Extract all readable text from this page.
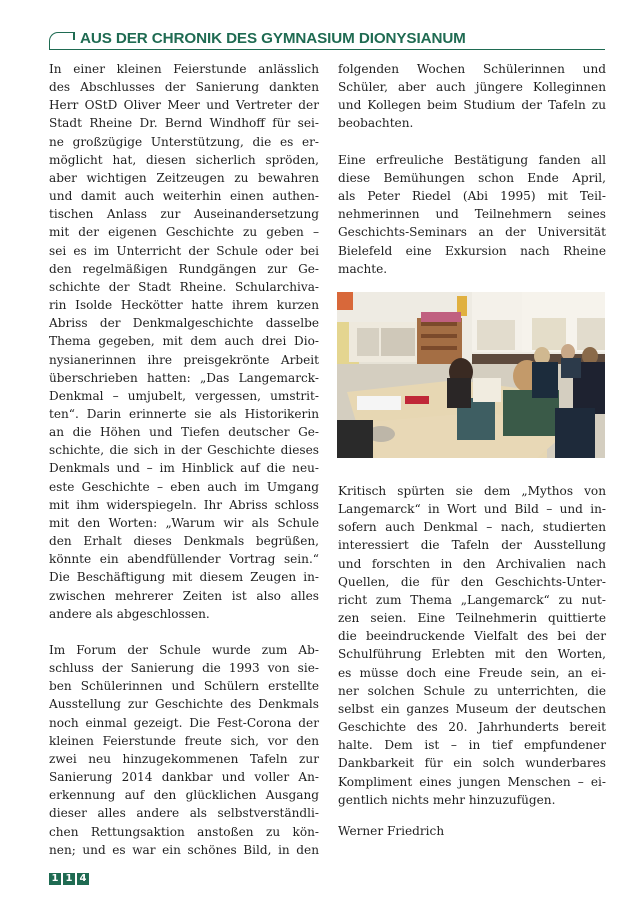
AUS DER CHRONIK DES GYMNASIUM DIONYSIANUM

In einer kleinen Feierstunde anlässlich
des Abschlusses der Sanierung dankten
Herr OStD Oliver Meer und Vertreter der
Stadt Rheine Dr. Bernd Windhoff für sei-
ne großzügige Unterstützung, die es er-
möglicht hat, diesen sicherlich spröden,
aber wichtigen Zeitzeugen zu bewahren
und damit auch weiterhin einen authen-
tischen Anlass zur Auseinandersetzung
mit der eigenen Geschichte zu geben –
sei es im Unterricht der Schule oder bei
den regelmäßigen Rundgängen zur Ge-
schichte der Stadt Rheine. Schularchiva-
rin Isolde Heckötter hatte ihrem kurzen
Abriss der Denkmalgeschichte dasselbe
Thema gegeben, mit dem auch drei Dio-
nysianerinnen ihre preisgekrönte Arbeit
überschrieben hatten: „Das Langemarck-
Denkmal – umjubelt, vergessen, umstrit-
ten“. Darin erinnerte sie als Historikerin
an die Höhen und Tiefen deutscher Ge-
schichte, die sich in der Geschichte dieses
Denkmals und – im Hinblick auf die neu-
este Geschichte – eben auch im Umgang
mit ihm widerspiegeln. Ihr Abriss schloss
mit den Worten: „Warum wir als Schule
den Erhalt dieses Denkmals begrüßen,
könnte ein abendfüllender Vortrag sein.“
Die Beschäftigung mit diesem Zeugen in-
zwischen mehrerer Zeiten ist also alles
andere als abgeschlossen.

Im Forum der Schule wurde zum Ab-
schluss der Sanierung die 1993 von sie-
ben Schülerinnen und Schülern erstellte
Ausstellung zur Geschichte des Denkmals
noch einmal gezeigt. Die Fest-Corona der
kleinen Feierstunde freute sich, vor den
zwei neu hinzugekommenen Tafeln zur
Sanierung 2014 dankbar und voller An-
erkennung auf den glücklichen Ausgang
dieser alles andere als selbstverständli-
chen Rettungsaktion anstoßen zu kön-
nen; und es war ein schönes Bild, in den

folgenden Wochen Schülerinnen und
Schüler, aber auch jüngere Kolleginnen
und Kollegen beim Studium der Tafeln zu
beobachten.

Eine erfreuliche Bestätigung fanden all
diese Bemühungen schon Ende April,
als Peter Riedel (Abi 1995) mit Teil-
nehmerinnen und Teilnehmern seines
Geschichts-Seminars an der Universität
Bielefeld eine Exkursion nach Rheine
machte.

Kritisch spürten sie dem „Mythos von
Langemarck“ in Wort und Bild – und in-
sofern auch Denkmal – nach, studierten
interessiert die Tafeln der Ausstellung
und forschten in den Archivalien nach
Quellen, die für den Geschichts-Unter-
richt zum Thema „Langemarck“ zu nut-
zen seien. Eine Teilnehmerin quittierte
die beeindruckende Vielfalt des bei der
Schulführung Erlebten mit den Worten,
es müsse doch eine Freude sein, an ei-
ner solchen Schule zu unterrichten, die
selbst ein ganzes Museum der deutschen
Geschichte des 20. Jahrhunderts bereit
halte. Dem ist – in tief empfundener
Dankbarkeit für ein solch wunderbares
Kompliment eines jungen Menschen – ei-
gentlich nichts mehr hinzuzufügen.

Werner Friedrich

1 1 4
